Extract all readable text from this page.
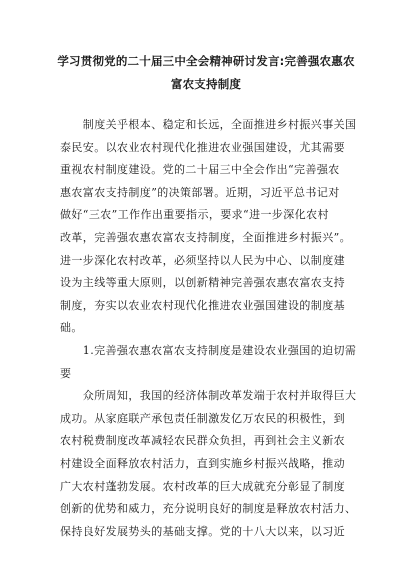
学习贯彻党的二十届三中全会精神研讨发言:完善强农惠农
富农支持制度
　　制度关乎根本、稳定和长远，全面推进乡村振兴事关国
泰民安。以农业农村现代化推进农业强国建设，尤其需要
重视农村制度建设。党的二十届三中全会作出“完善强农
惠农富农支持制度”的决策部署。近期，习近平总书记对
做好“三农”工作作出重要指示，要求“进一步深化农村
改革，完善强农惠农富农支持制度，全面推进乡村振兴”。
进一步深化农村改革，必须坚持以人民为中心、以制度建
设为主线等重大原则，以创新精神完善强农惠农富农支持
制度，夯实以农业农村现代化推进农业强国建设的制度基
础。
　　1.完善强农惠农富农支持制度是建设农业强国的迫切需
要
　　众所周知，我国的经济体制改革发端于农村并取得巨大
成功。从家庭联产承包责任制激发亿万农民的积极性，到
农村税费制度改革减轻农民群众负担，再到社会主义新农
村建设全面释放农村活力，直到实施乡村振兴战略，推动
广大农村蓬勃发展。农村改革的巨大成就充分彰显了制度
创新的优势和威力，充分说明良好的制度是释放农村活力、
保持良好发展势头的基础支撑。党的十八大以来，以习近
